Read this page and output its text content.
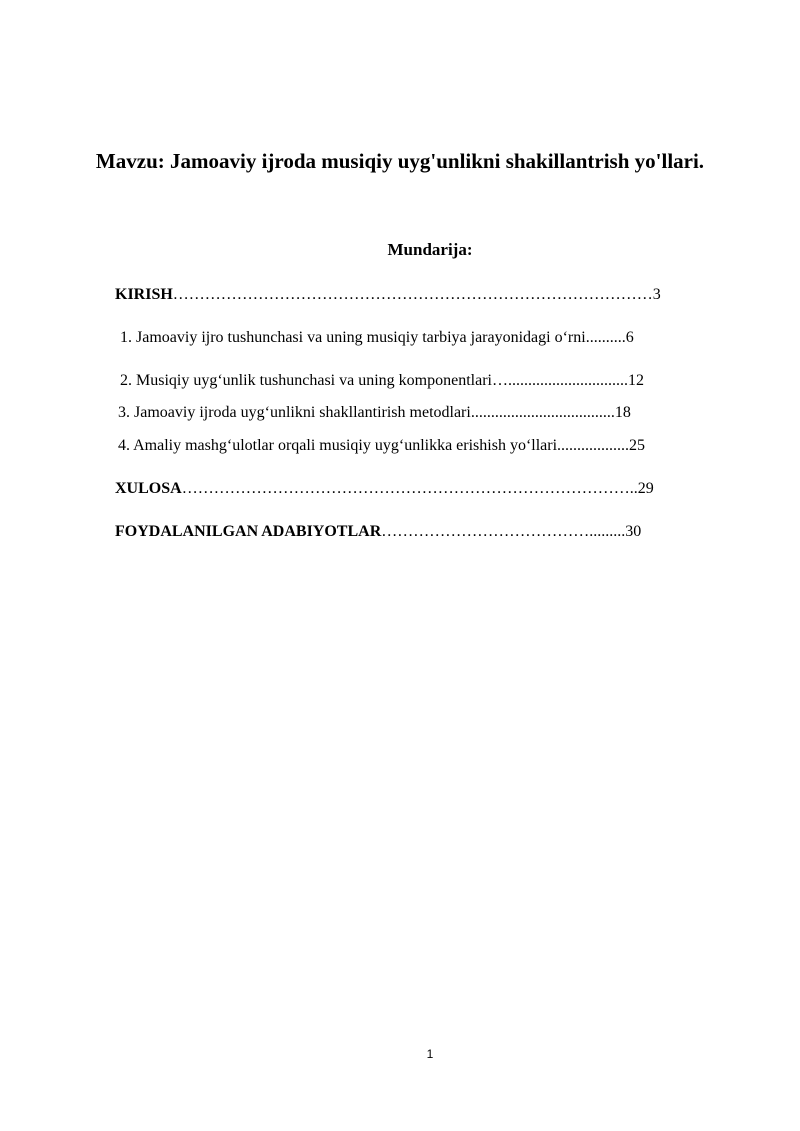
Mavzu: Jamoaviy ijroda musiqiy uyg'unlikni shakillantrish yo'llari.
Mundarija:
KIRISH………………………………………………………………………………3
1. Jamoaviy ijro tushunchasi va uning musiqiy tarbiya jarayonidagi o‘rni..........6
2. Musiqiy uyg‘unlik tushunchasi va uning komponentlari…..............................12
3. Jamoaviy ijroda uyg‘unlikni shakllantirish metodlari....................................18
4. Amaliy mashg‘ulotlar orqali musiqiy uyg‘unlikka erishish yo‘llari..................25
XULOSA…………………………………………………………………………..29
FOYDALANILGAN ADABIYOTLAR………………………………….........30
1
